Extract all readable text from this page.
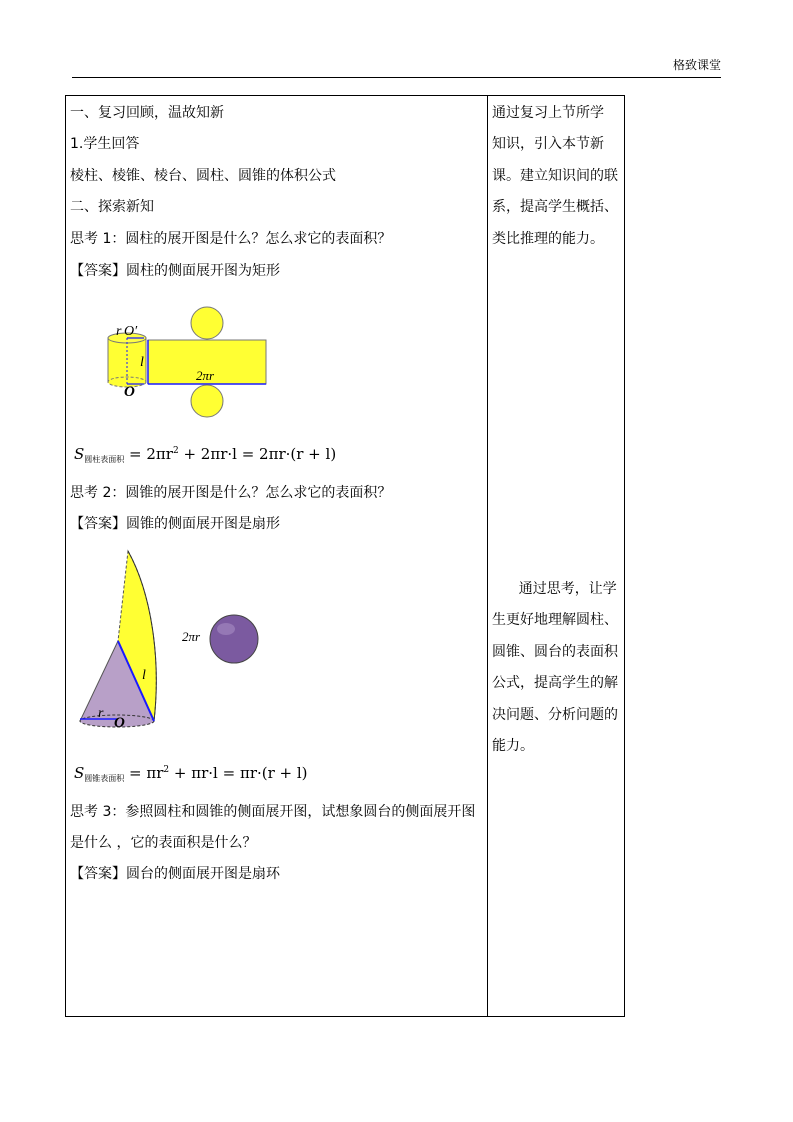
格致课堂
一、复习回顾，温故知新
1.学生回答
棱柱、棱锥、棱台、圆柱、圆锥的体积公式
二、探索新知
思考 1：圆柱的展开图是什么？怎么求它的表面积？
【答案】圆柱的侧面展开图为矩形
r O′
l
O
2πr
$S_{圆柱表面积} = 2\pi r^2 + 2\pi r\cdot l = 2\pi r\cdot(r + l)$
思考 2：圆锥的展开图是什么？怎么求它的表面积？
【答案】圆锥的侧面展开图是扇形
2πr
l
r
O
$S_{圆锥表面积} = \pi r^2 + \pi r\cdot l = \pi r\cdot(r + l)$
思考 3：参照圆柱和圆锥的侧面展开图，试想象圆台的侧面展开图
是什么 ，它的表面积是什么？
【答案】圆台的侧面展开图是扇环
通过复习上节所学
知识，引入本节新
课。建立知识间的联
系，提高学生概括、
类比推理的能力。
通过思考，让学
生更好地理解圆柱、
圆锥、圆台的表面积
公式，提高学生的解
决问题、分析问题的
能力。
